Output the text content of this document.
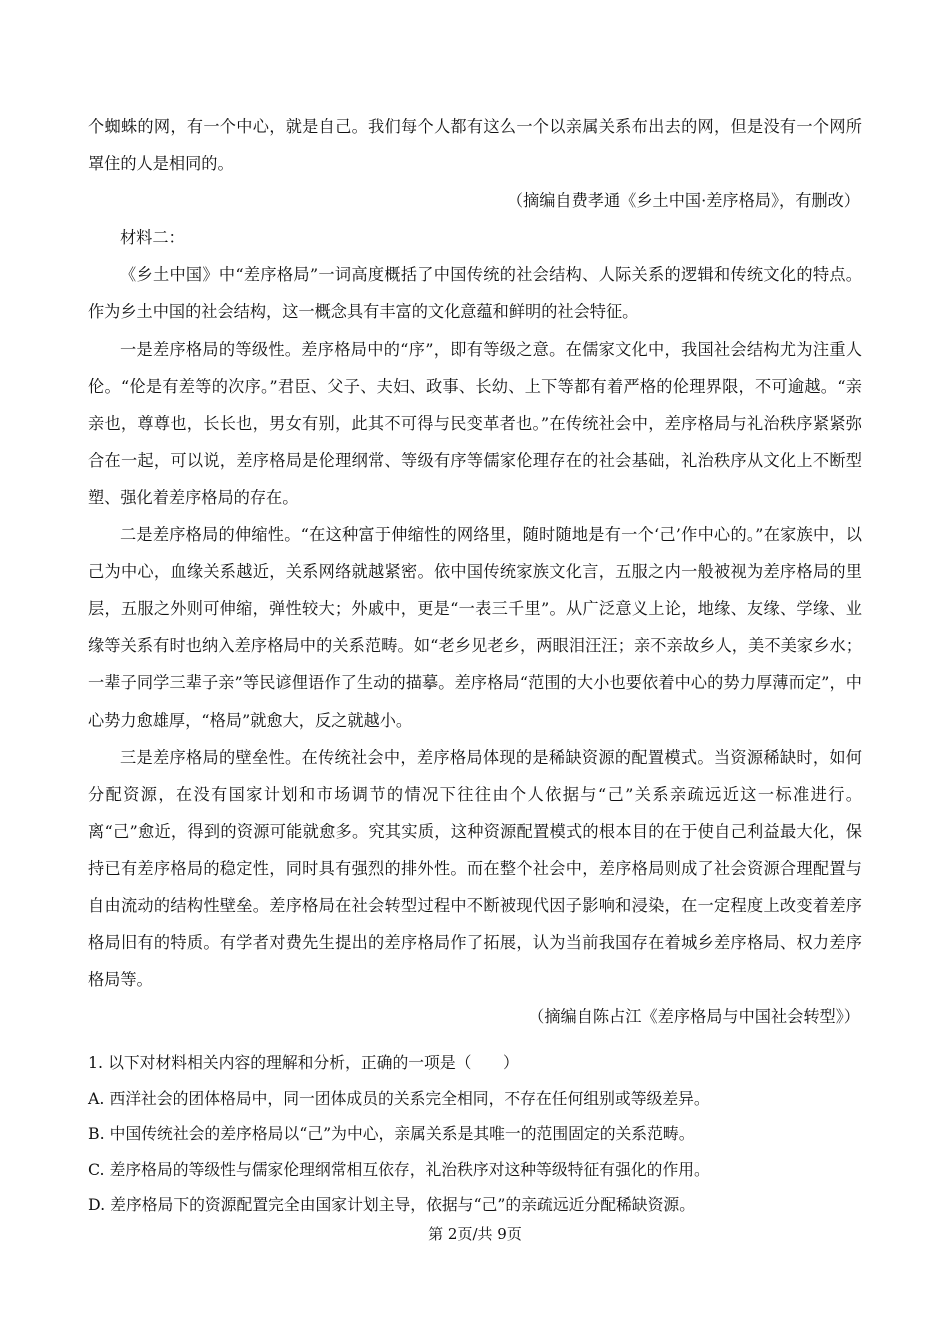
个蜘蛛的网，有一个中心，就是自己。我们每个人都有这么一个以亲属关系布出去的网，但是没有一个网所罩住的人是相同的。

（摘编自费孝通《乡土中国·差序格局》，有删改）

材料二：

《乡土中国》中“差序格局”一词高度概括了中国传统的社会结构、人际关系的逻辑和传统文化的特点。作为乡土中国的社会结构，这一概念具有丰富的文化意蕴和鲜明的社会特征。

一是差序格局的等级性。差序格局中的“序”，即有等级之意。在儒家文化中，我国社会结构尤为注重人伦。“伦是有差等的次序。”君臣、父子、夫妇、政事、长幼、上下等都有着严格的伦理界限，不可逾越。“亲亲也，尊尊也，长长也，男女有别，此其不可得与民变革者也。”在传统社会中，差序格局与礼治秩序紧紧弥合在一起，可以说，差序格局是伦理纲常、等级有序等儒家伦理存在的社会基础，礼治秩序从文化上不断型塑、强化着差序格局的存在。

二是差序格局的伸缩性。“在这种富于伸缩性的网络里，随时随地是有一个‘己’作中心的。”在家族中，以己为中心，血缘关系越近，关系网络就越紧密。依中国传统家族文化言，五服之内一般被视为差序格局的里层，五服之外则可伸缩，弹性较大；外戚中，更是“一表三千里”。从广泛意义上论，地缘、友缘、学缘、业缘等关系有时也纳入差序格局中的关系范畴。如“老乡见老乡，两眼泪汪汪；亲不亲故乡人，美不美家乡水；一辈子同学三辈子亲”等民谚俚语作了生动的描摹。差序格局“范围的大小也要依着中心的势力厚薄而定”，中心势力愈雄厚，“格局”就愈大，反之就越小。

三是差序格局的壁垒性。在传统社会中，差序格局体现的是稀缺资源的配置模式。当资源稀缺时，如何分配资源，在没有国家计划和市场调节的情况下往往由个人依据与“己”关系亲疏远近这一标准进行。离“己”愈近，得到的资源可能就愈多。究其实质，这种资源配置模式的根本目的在于使自己利益最大化，保持已有差序格局的稳定性，同时具有强烈的排外性。而在整个社会中，差序格局则成了社会资源合理配置与自由流动的结构性壁垒。差序格局在社会转型过程中不断被现代因子影响和浸染，在一定程度上改变着差序格局旧有的特质。有学者对费先生提出的差序格局作了拓展，认为当前我国存在着城乡差序格局、权力差序格局等。

（摘编自陈占江《差序格局与中国社会转型》）

1. 以下对材料相关内容的理解和分析，正确的一项是（　　）

A. 西洋社会的团体格局中，同一团体成员的关系完全相同，不存在任何组别或等级差异。

B. 中国传统社会的差序格局以“己”为中心，亲属关系是其唯一的范围固定的关系范畴。

C. 差序格局的等级性与儒家伦理纲常相互依存，礼治秩序对这种等级特征有强化的作用。

D. 差序格局下的资源配置完全由国家计划主导，依据与“己”的亲疏远近分配稀缺资源。

第 2页/共 9页
